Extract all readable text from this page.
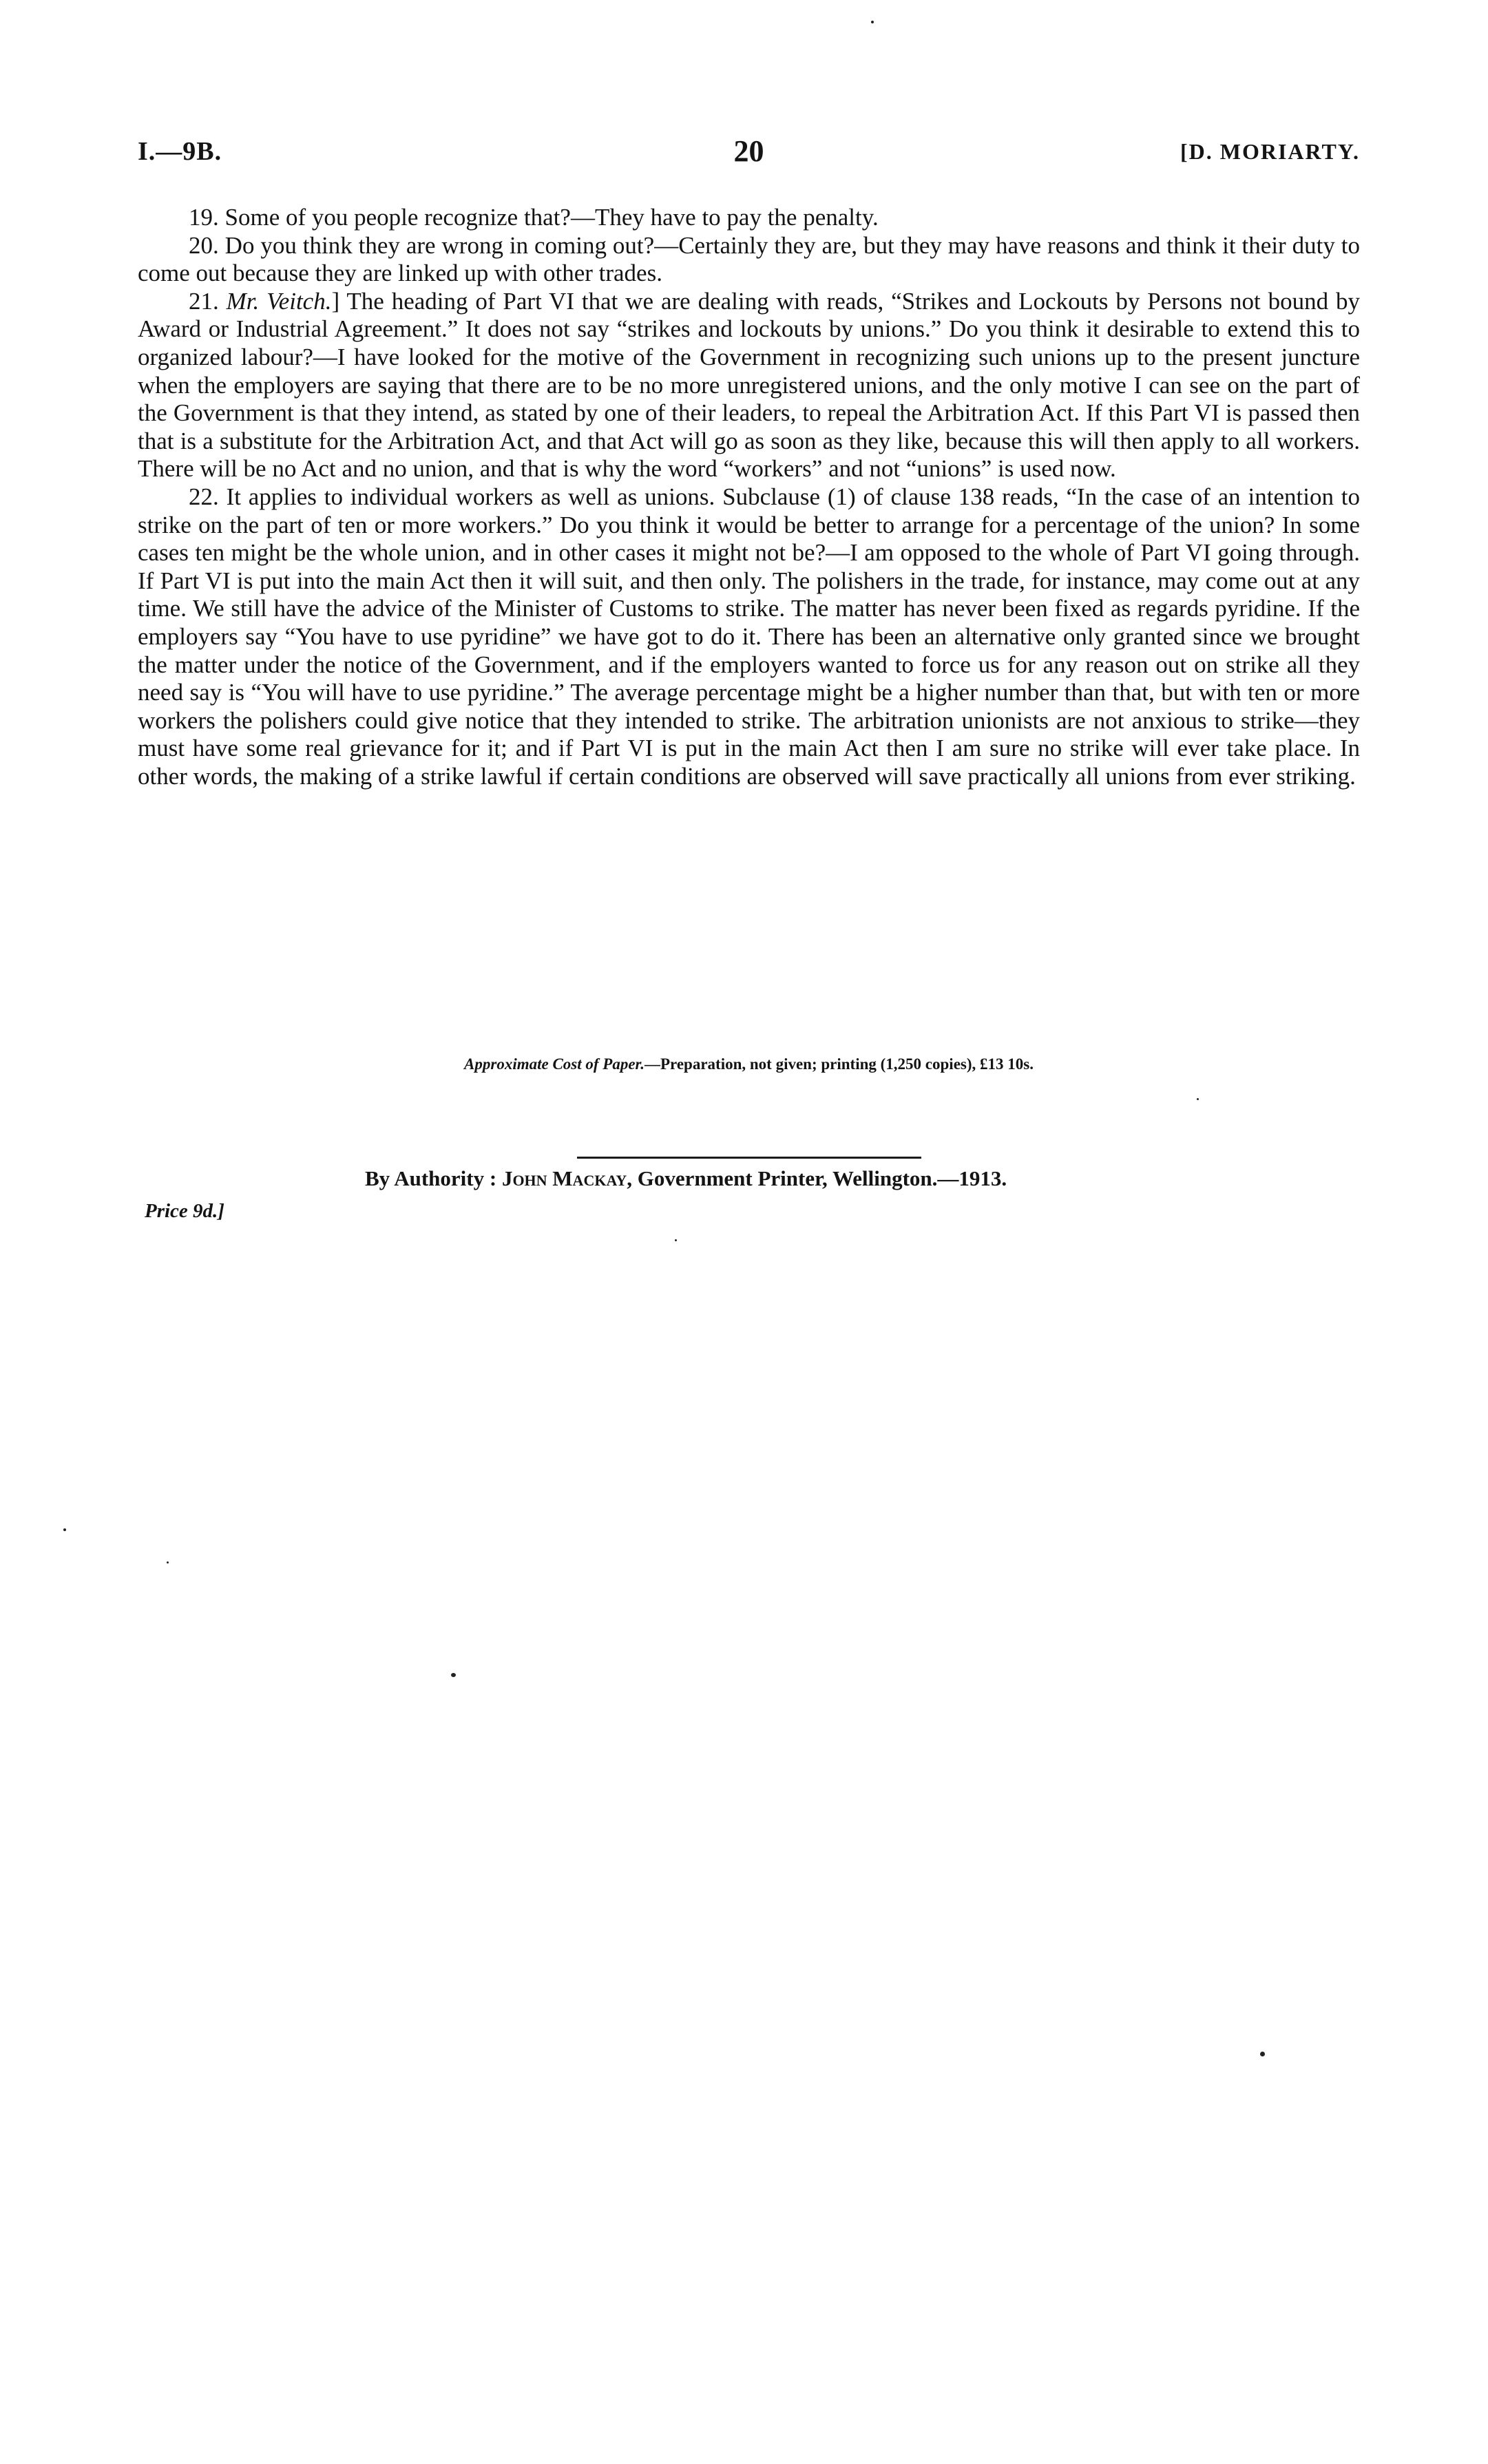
I.—9B.	20	[D. MORIARTY.

19. Some of you people recognize that?—They have to pay the penalty.

20. Do you think they are wrong in coming out?—Certainly they are, but they may have reasons and think it their duty to come out because they are linked up with other trades.

21. Mr. Veitch.] The heading of Part VI that we are dealing with reads, “Strikes and Lockouts by Persons not bound by Award or Industrial Agreement.” It does not say “strikes and lockouts by unions.” Do you think it desirable to extend this to organized labour?—I have looked for the motive of the Government in recognizing such unions up to the present juncture when the employers are saying that there are to be no more unregistered unions, and the only motive I can see on the part of the Government is that they intend, as stated by one of their leaders, to repeal the Arbitration Act. If this Part VI is passed then that is a substitute for the Arbitration Act, and that Act will go as soon as they like, because this will then apply to all workers. There will be no Act and no union, and that is why the word “workers” and not “unions” is used now.

22. It applies to individual workers as well as unions. Subclause (1) of clause 138 reads, “In the case of an intention to strike on the part of ten or more workers.” Do you think it would be better to arrange for a percentage of the union? In some cases ten might be the whole union, and in other cases it might not be?—I am opposed to the whole of Part VI going through. If Part VI is put into the main Act then it will suit, and then only. The polishers in the trade, for instance, may come out at any time. We still have the advice of the Minister of Customs to strike. The matter has never been fixed as regards pyridine. If the employers say “You have to use pyridine” we have got to do it. There has been an alternative only granted since we brought the matter under the notice of the Government, and if the employers wanted to force us for any reason out on strike all they need say is “You will have to use pyridine.” The average percentage might be a higher number than that, but with ten or more workers the polishers could give notice that they intended to strike. The arbitration unionists are not anxious to strike—they must have some real grievance for it; and if Part VI is put in the main Act then I am sure no strike will ever take place. In other words, the making of a strike lawful if certain conditions are observed will save practically all unions from ever striking.

Approximate Cost of Paper.—Preparation, not given; printing (1,250 copies), £13 10s.
By Authority : John Mackay, Government Printer, Wellington.—1913.
Price 9d.]
